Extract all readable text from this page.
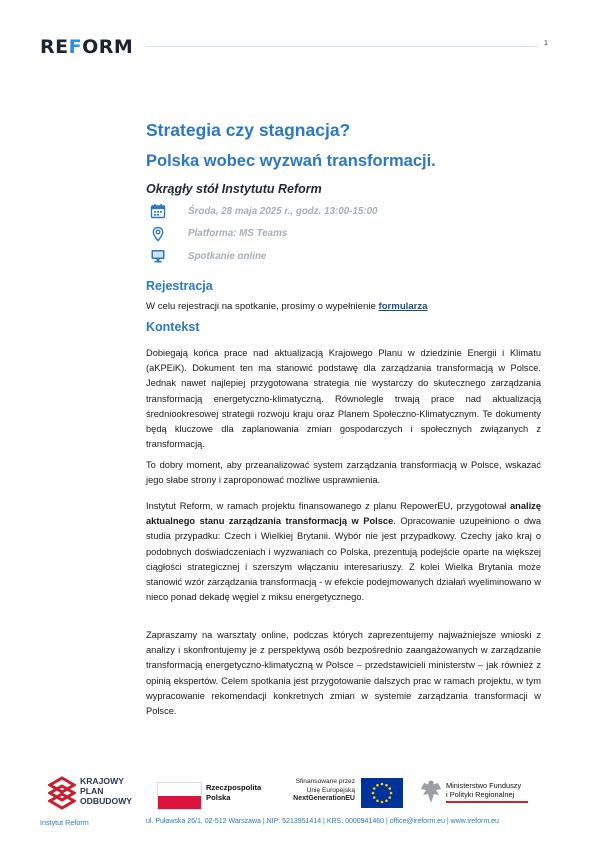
REFORM	1
Strategia czy stagnacja?
Polska wobec wyzwań transformacji.
Okrągły stół Instytutu Reform
Środa, 28 maja 2025 r., godz. 13:00-15:00
Platforma: MS Teams
Spotkanie online
Rejestracja
W celu rejestracji na spotkanie, prosimy o wypełnienie formularza
Kontekst
Dobiegają końca prace nad aktualizacją Krajowego Planu w dziedzinie Energii i Klimatu (aKPEiK). Dokument ten ma stanowić podstawę dla zarządzania transformacją w Polsce. Jednak nawet najlepiej przygotowana strategia nie wystarczy do skutecznego zarządzania transformacją energetyczno-klimatyczną. Równolegle trwają prace nad aktualizacją średniookresowej strategii rozwoju kraju oraz Planem Społeczno-Klimatycznym. Te dokumenty będą kluczowe dla zaplanowania zmian gospodarczych i społecznych związanych z transformacją.
To dobry moment, aby przeanalizować system zarządzania transformacją w Polsce, wskazać jego słabe strony i zaproponować możliwe usprawnienia.
Instytut Reform, w ramach projektu finansowanego z planu RepowerEU, przygotował analizę aktualnego stanu zarządzania transformacją w Polsce. Opracowanie uzupełniono o dwa studia przypadku: Czech i Wielkiej Brytanii. Wybór nie jest przypadkowy. Czechy jako kraj o podobnych doświadczeniach i wyzwaniach co Polska, prezentują podejście oparte na większej ciągłości strategicznej i szerszym włączaniu interesariuszy. Z kolei Wielka Brytania może stanowić wzór zarządzania transformacją - w efekcie podejmowanych działań wyeliminowano w nieco ponad dekadę węgiel z miksu energetycznego.
Zapraszamy na warsztaty online, podczas których zaprezentujemy najważniejsze wnioski z analizy i skonfrontujemy je z perspektywą osób bezpośrednio zaangażowanych w zarządzanie transformacją energetyczno-klimatyczną w Polsce – przedstawicieli ministerstw – jak również z opinią ekspertów. Celem spotkania jest przygotowanie dalszych prac w ramach projektu, w tym wypracowanie rekomendacji konkretnych zmian w systemie zarządzania transformacji w Polsce.
KRAJOWY
PLAN
ODBUDOWY
Rzeczpospolita
Polska
Sfinansowane przez
Unię Europejską
NextGenerationEU
Ministerstwo Funduszy
i Polityki Regionalnej
Instytut Reform	ul. Puławska 26/1, 02-512 Warszawa | NIP: 5213951414 | KRS: 0000941460 | office@ireform.eu | www.ireform.eu
